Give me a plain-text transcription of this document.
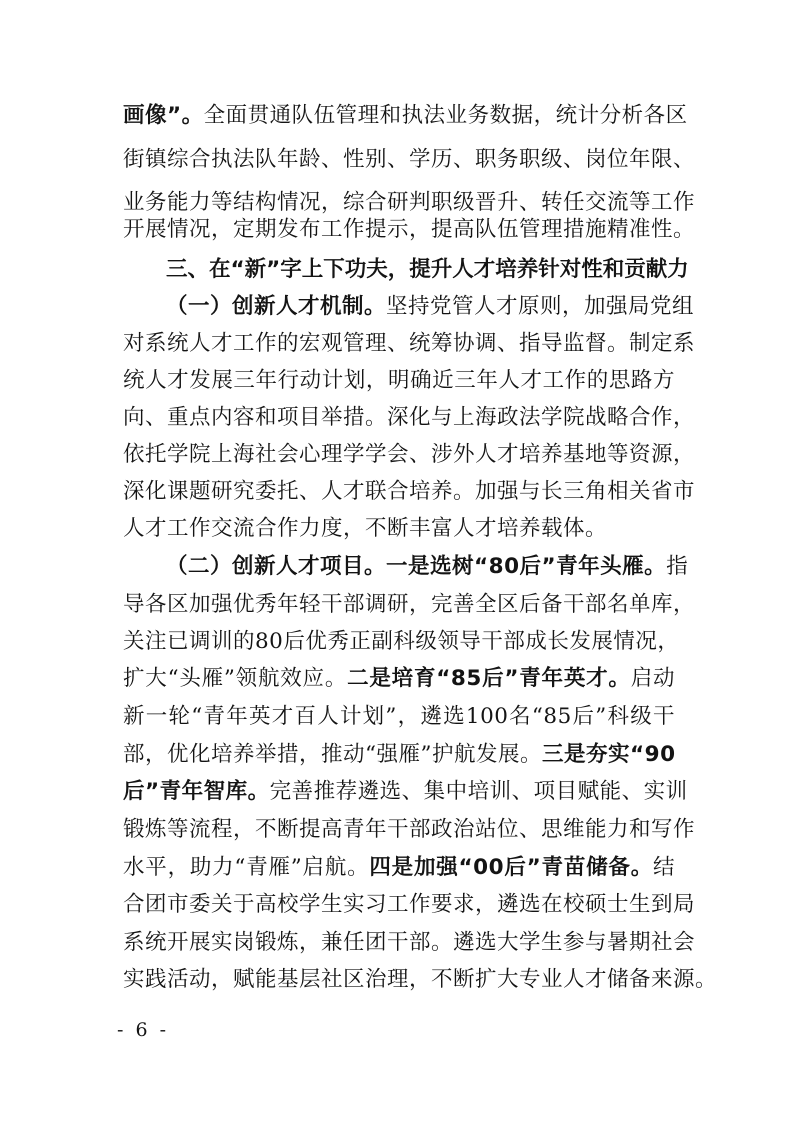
画像”。全面贯通队伍管理和执法业务数据，统计分析各区
街镇综合执法队年龄、性别、学历、职务职级、岗位年限、
业务能力等结构情况，综合研判职级晋升、转任交流等工作
开展情况，定期发布工作提示，提高队伍管理措施精准性。
三、在“新”字上下功夫，提升人才培养针对性和贡献力
（一）创新人才机制。坚持党管人才原则，加强局党组
对系统人才工作的宏观管理、统筹协调、指导监督。制定系
统人才发展三年行动计划，明确近三年人才工作的思路方
向、重点内容和项目举措。深化与上海政法学院战略合作，
依托学院上海社会心理学学会、涉外人才培养基地等资源，
深化课题研究委托、人才联合培养。加强与长三角相关省市
人才工作交流合作力度，不断丰富人才培养载体。
（二）创新人才项目。一是选树“80后”青年头雁。指
导各区加强优秀年轻干部调研，完善全区后备干部名单库，
关注已调训的80后优秀正副科级领导干部成长发展情况，
扩大“头雁”领航效应。二是培育“85后”青年英才。启动
新一轮“青年英才百人计划”，遴选100名“85后”科级干
部，优化培养举措，推动“强雁”护航发展。三是夯实“90
后”青年智库。完善推荐遴选、集中培训、项目赋能、实训
锻炼等流程，不断提高青年干部政治站位、思维能力和写作
水平，助力“青雁”启航。四是加强“00后”青苗储备。结
合团市委关于高校学生实习工作要求，遴选在校硕士生到局
系统开展实岗锻炼，兼任团干部。遴选大学生参与暑期社会
实践活动，赋能基层社区治理，不断扩大专业人才储备来源。
- 6 -
